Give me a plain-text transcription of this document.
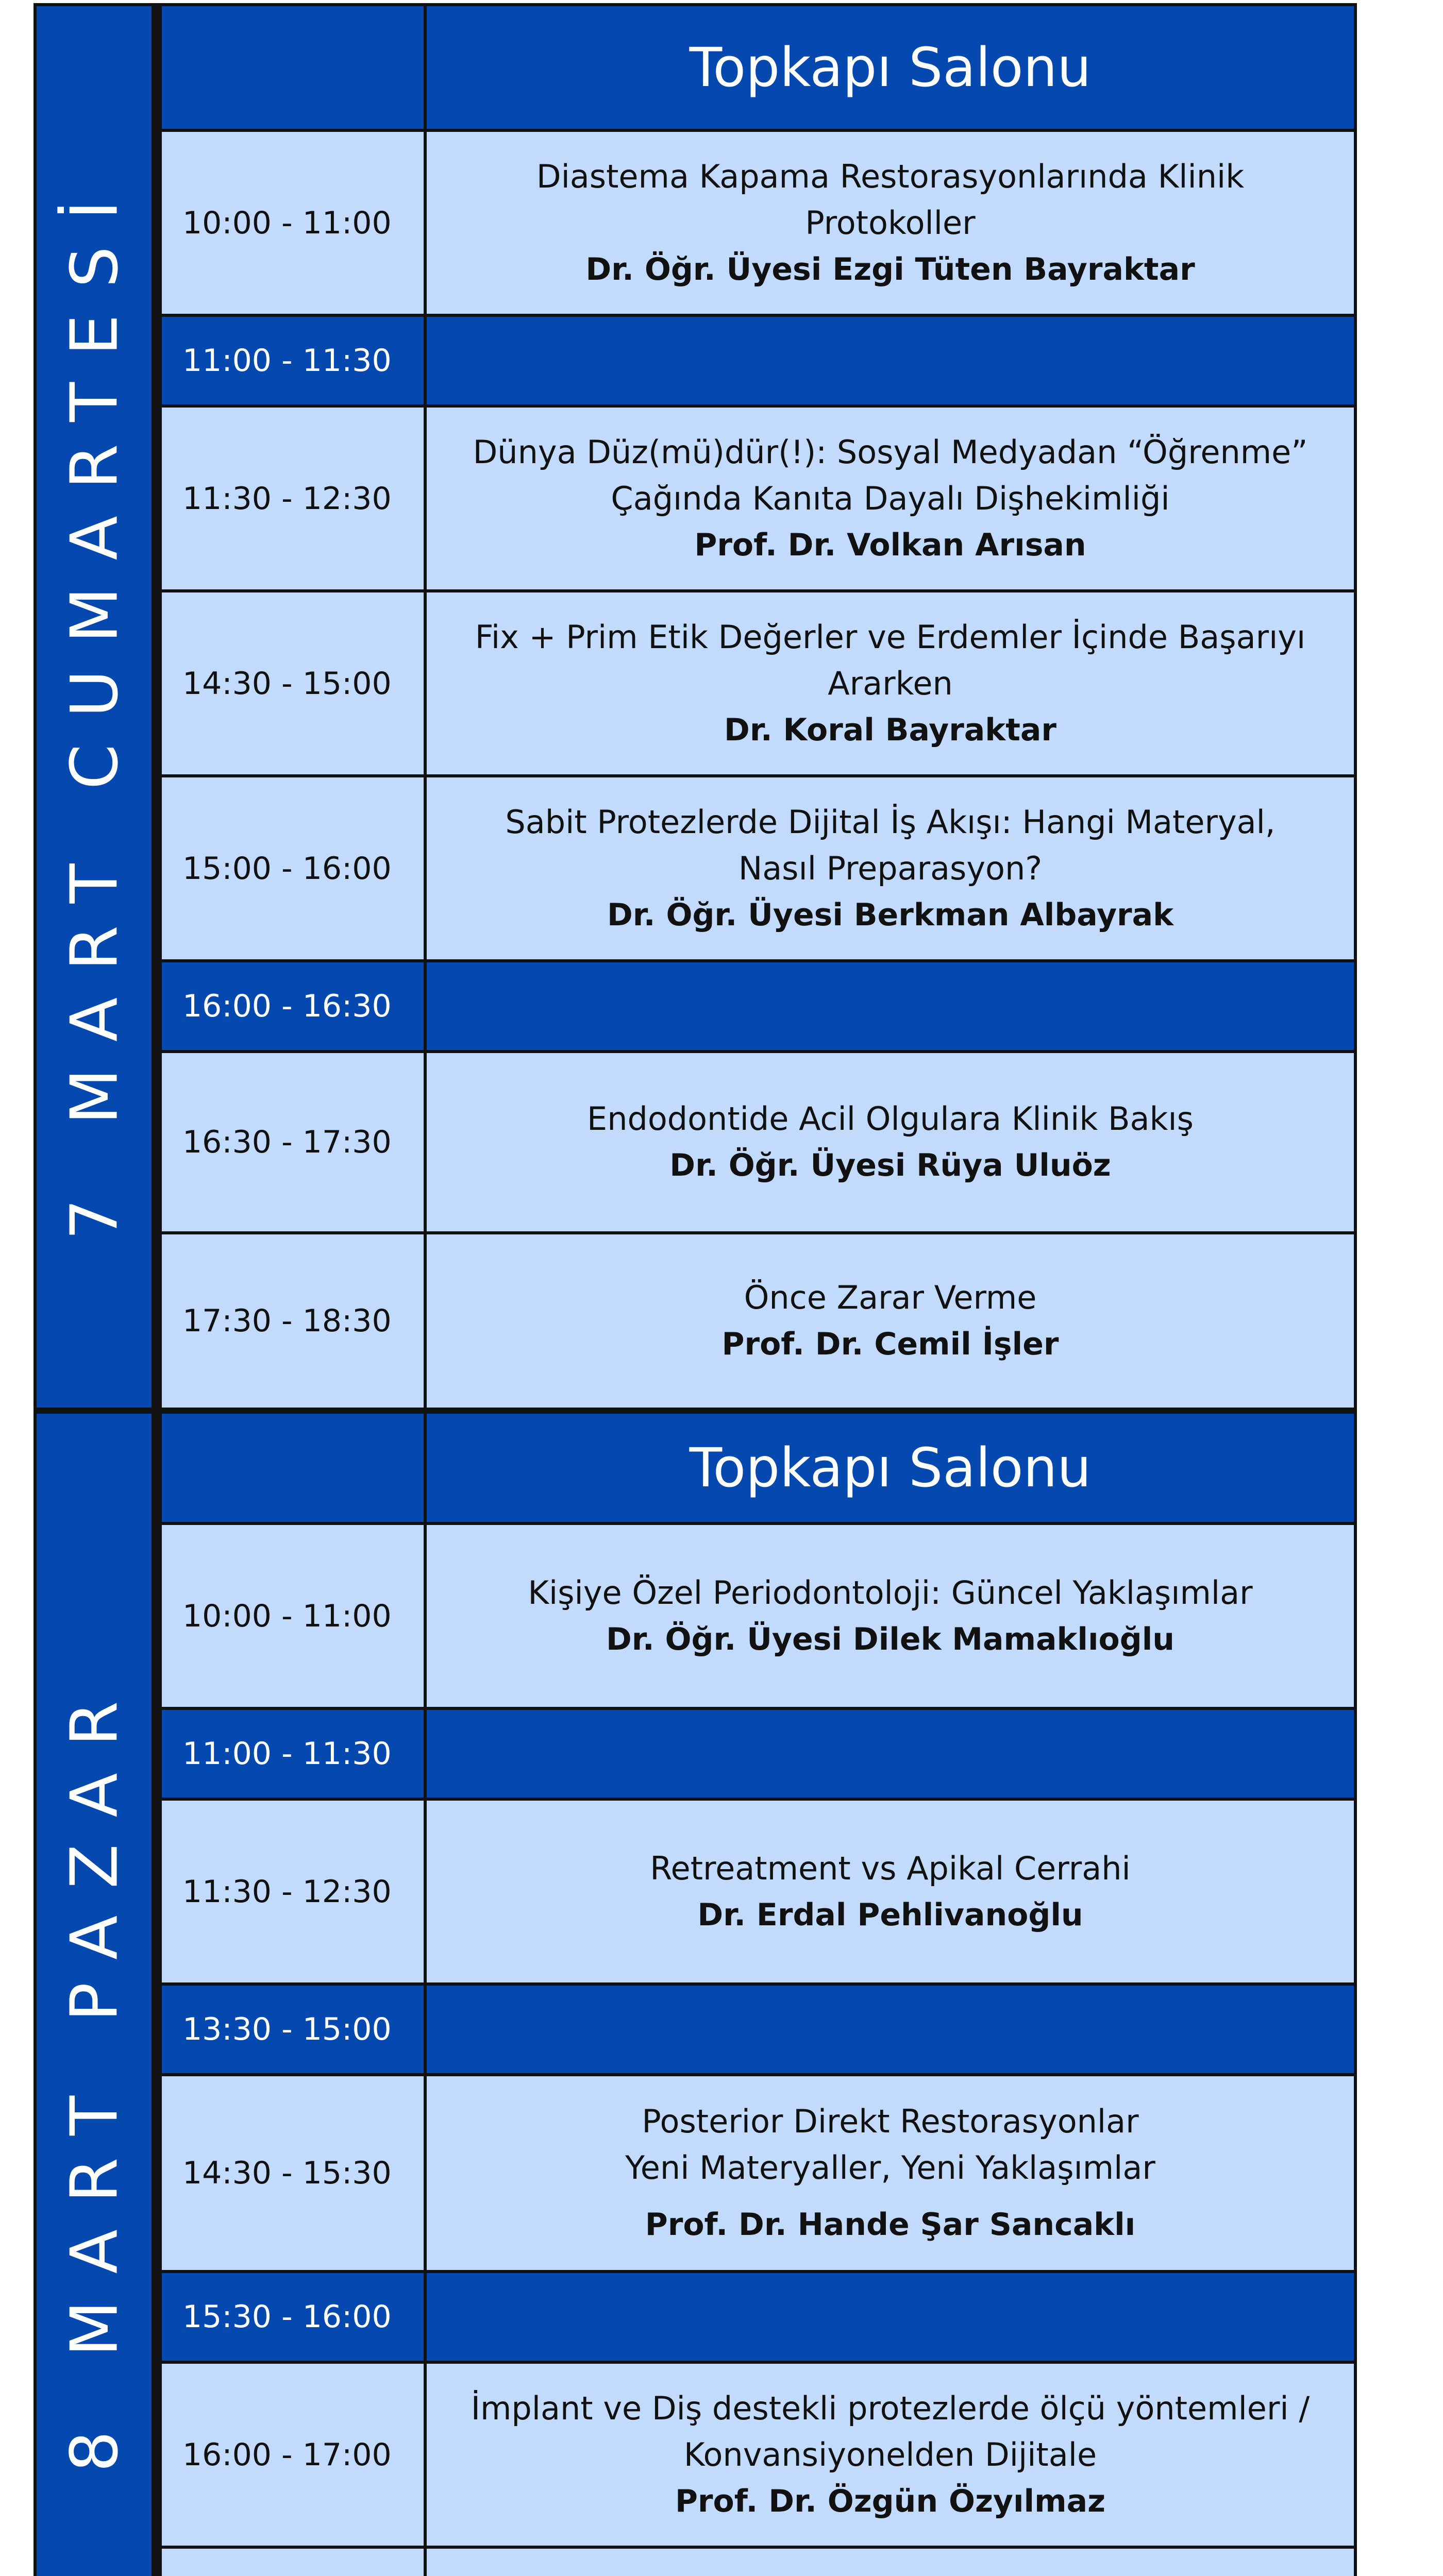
7 MART CUMARTESİ
Topkapı Salonu
10:00 - 11:00
Diastema Kapama Restorasyonlarında Klinik
Protokoller
Dr. Öğr. Üyesi Ezgi Tüten Bayraktar
11:00 - 11:30
11:30 - 12:30
Dünya Düz(mü)dür(!): Sosyal Medyadan “Öğrenme”
Çağında Kanıta Dayalı Dişhekimliği
Prof. Dr. Volkan Arısan
14:30 - 15:00
Fix + Prim Etik Değerler ve Erdemler İçinde Başarıyı
Ararken
Dr. Koral Bayraktar
15:00 - 16:00
Sabit Protezlerde Dijital İş Akışı: Hangi Materyal,
Nasıl Preparasyon?
Dr. Öğr. Üyesi Berkman Albayrak
16:00 - 16:30
16:30 - 17:30
Endodontide Acil Olgulara Klinik Bakış
Dr. Öğr. Üyesi Rüya Uluöz
17:30 - 18:30
Önce Zarar Verme
Prof. Dr. Cemil İşler
8 MART PAZAR
Topkapı Salonu
10:00 - 11:00
Kişiye Özel Periodontoloji: Güncel Yaklaşımlar
Dr. Öğr. Üyesi Dilek Mamaklıoğlu
11:00 - 11:30
11:30 - 12:30
Retreatment vs Apikal Cerrahi
Dr. Erdal Pehlivanoğlu
13:30 - 15:00
14:30 - 15:30
Posterior Direkt Restorasyonlar
Yeni Materyaller, Yeni Yaklaşımlar
Prof. Dr. Hande Şar Sancaklı
15:30 - 16:00
16:00 - 17:00
İmplant ve Diş destekli protezlerde ölçü yöntemleri /
Konvansiyonelden Dijitale
Prof. Dr. Özgün Özyılmaz
